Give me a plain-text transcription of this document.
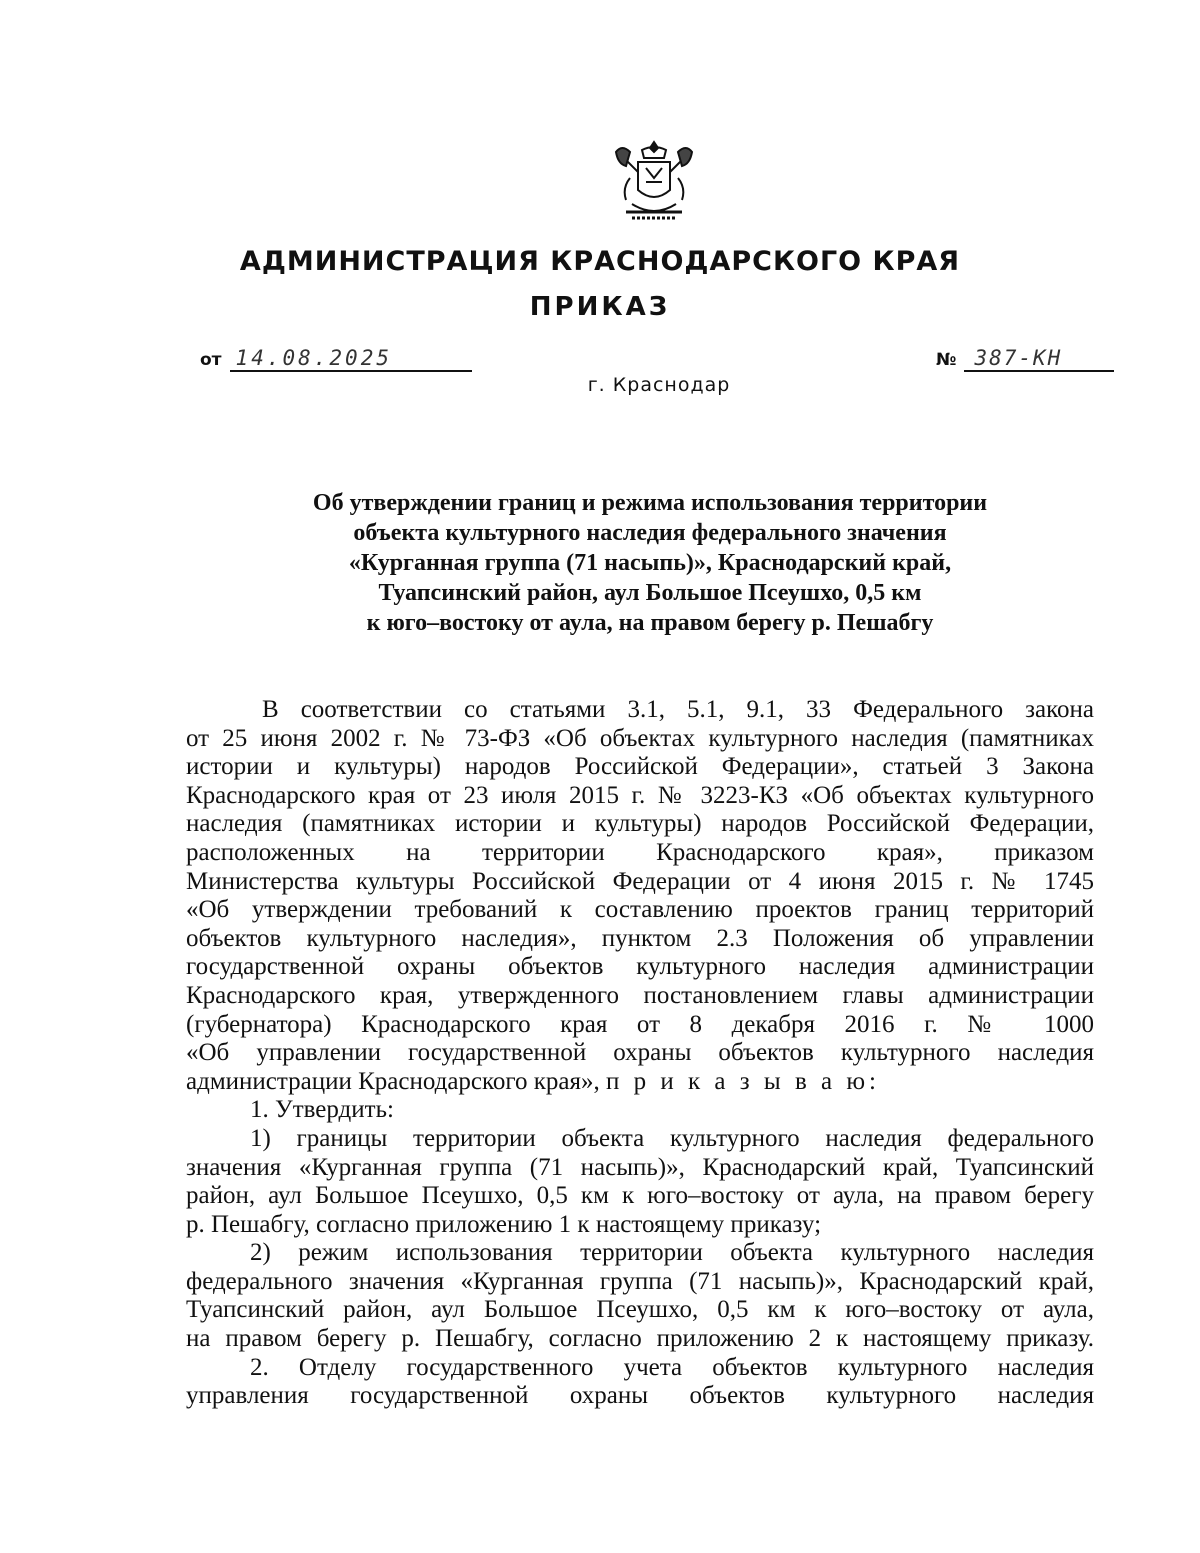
АДМИНИСТРАЦИЯ КРАСНОДАРСКОГО КРАЯ
ПРИКАЗ
от 14.08.2025	№ 387-КН
г. Краснодар
Об утверждении границ и режима использования территории
объекта культурного наследия федерального значения
«Курганная группа (71 насыпь)», Краснодарский край,
Туапсинский район, аул Большое Псеушхо, 0,5 км
к юго–востоку от аула, на правом берегу р. Пешабгу
В соответствии со статьями 3.1, 5.1, 9.1, 33 Федерального закона
от 25 июня 2002 г. № 73-ФЗ «Об объектах культурного наследия (памятниках
истории и культуры) народов Российской Федерации», статьей 3 Закона
Краснодарского края от 23 июля 2015 г. № 3223-КЗ «Об объектах культурного
наследия (памятниках истории и культуры) народов Российской Федерации,
расположенных на территории Краснодарского края», приказом
Министерства культуры Российской Федерации от 4 июня 2015 г. № 1745
«Об утверждении требований к составлению проектов границ территорий
объектов культурного наследия», пунктом 2.3 Положения об управлении
государственной охраны объектов культурного наследия администрации
Краснодарского края, утвержденного постановлением главы администрации
(губернатора) Краснодарского края от 8 декабря 2016 г. № 1000
«Об управлении государственной охраны объектов культурного наследия
администрации Краснодарского края», п р и к а з ы в а ю:
1. Утвердить:
1) границы территории объекта культурного наследия федерального
значения «Курганная группа (71 насыпь)», Краснодарский край, Туапсинский
район, аул Большое Псеушхо, 0,5 км к юго–востоку от аула, на правом берегу
р. Пешабгу, согласно приложению 1 к настоящему приказу;
2) режим использования территории объекта культурного наследия
федерального значения «Курганная группа (71 насыпь)», Краснодарский край,
Туапсинский район, аул Большое Псеушхо, 0,5 км к юго–востоку от аула,
на правом берегу р. Пешабгу, согласно приложению 2 к настоящему приказу.
2. Отделу государственного учета объектов культурного наследия
управления государственной охраны объектов культурного наследия
